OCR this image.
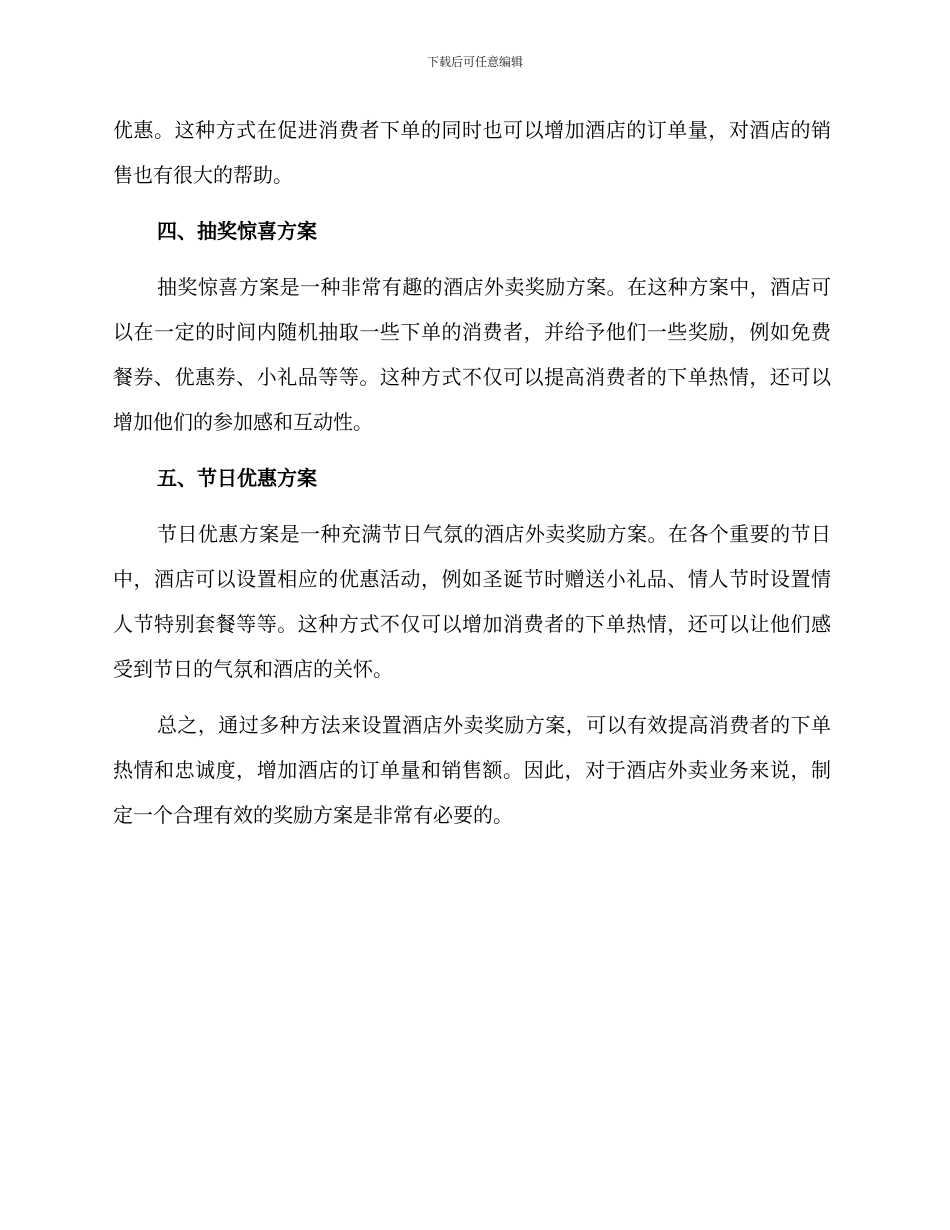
下载后可任意编辑

优惠。这种方式在促进消费者下单的同时也可以增加酒店的订单量，对酒店的销售也有很大的帮助。

四、抽奖惊喜方案

抽奖惊喜方案是一种非常有趣的酒店外卖奖励方案。在这种方案中，酒店可以在一定的时间内随机抽取一些下单的消费者，并给予他们一些奖励，例如免费餐券、优惠券、小礼品等等。这种方式不仅可以提高消费者的下单热情，还可以增加他们的参加感和互动性。

五、节日优惠方案

节日优惠方案是一种充满节日气氛的酒店外卖奖励方案。在各个重要的节日中，酒店可以设置相应的优惠活动，例如圣诞节时赠送小礼品、情人节时设置情人节特别套餐等等。这种方式不仅可以增加消费者的下单热情，还可以让他们感受到节日的气氛和酒店的关怀。

总之，通过多种方法来设置酒店外卖奖励方案，可以有效提高消费者的下单热情和忠诚度，增加酒店的订单量和销售额。因此，对于酒店外卖业务来说，制定一个合理有效的奖励方案是非常有必要的。
